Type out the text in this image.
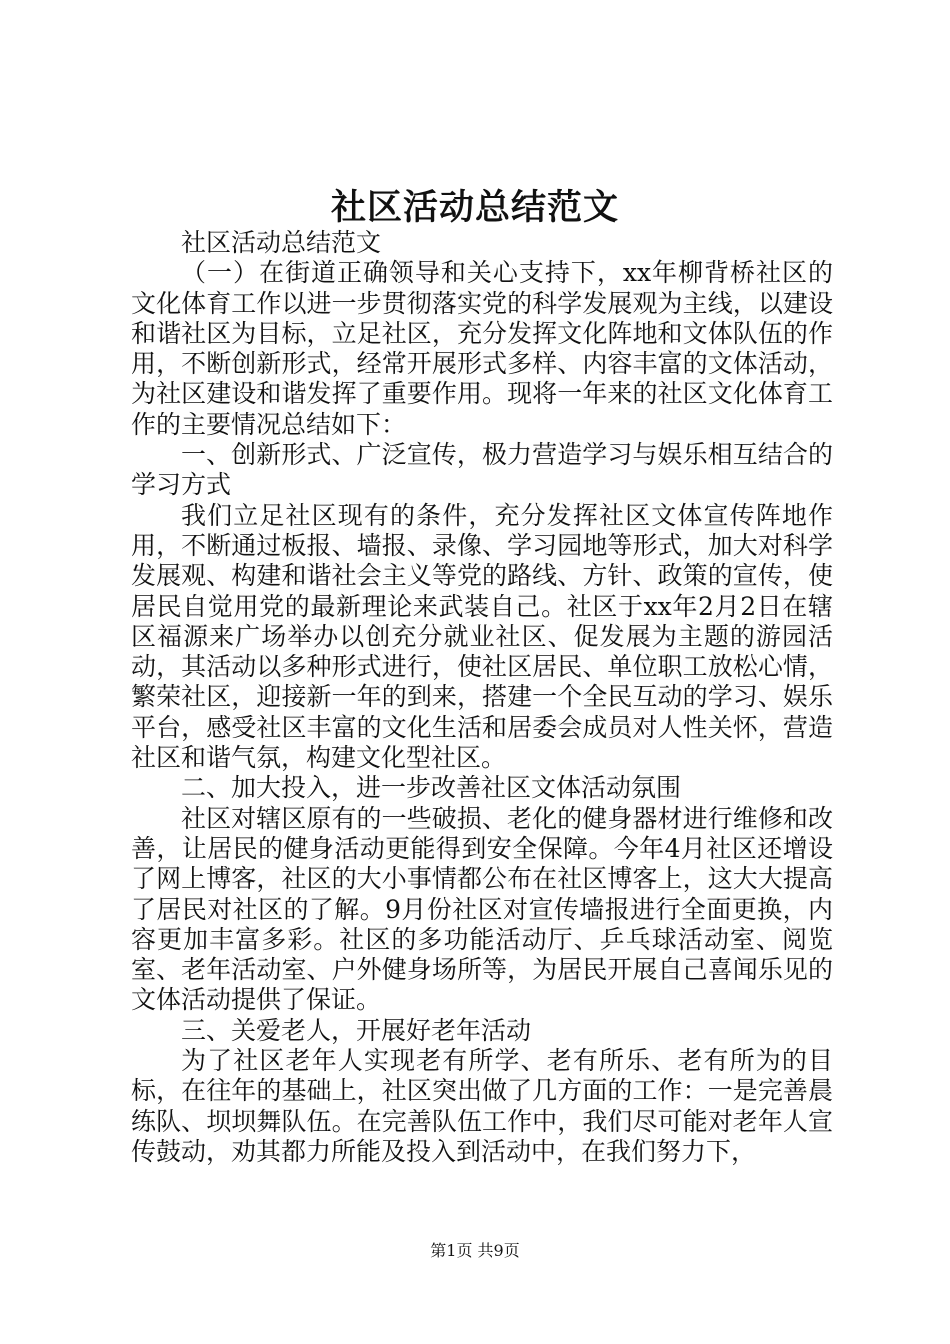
社区活动总结范文

社区活动总结范文

（一）在街道正确领导和关心支持下，xx年柳背桥社区的文化体育工作以进一步贯彻落实党的科学发展观为主线，以建设和谐社区为目标，立足社区，充分发挥文化阵地和文体队伍的作用，不断创新形式，经常开展形式多样、内容丰富的文体活动，为社区建设和谐发挥了重要作用。现将一年来的社区文化体育工作的主要情况总结如下：

一、创新形式、广泛宣传，极力营造学习与娱乐相互结合的学习方式

我们立足社区现有的条件，充分发挥社区文体宣传阵地作用，不断通过板报、墙报、录像、学习园地等形式，加大对科学发展观、构建和谐社会主义等党的路线、方针、政策的宣传，使居民自觉用党的最新理论来武装自己。社区于xx年2月2日在辖区福源来广场举办以创充分就业社区、促发展为主题的游园活动，其活动以多种形式进行，使社区居民、单位职工放松心情，繁荣社区，迎接新一年的到来，搭建一个全民互动的学习、娱乐平台，感受社区丰富的文化生活和居委会成员对人性关怀，营造社区和谐气氛，构建文化型社区。

二、加大投入，进一步改善社区文体活动氛围

社区对辖区原有的一些破损、老化的健身器材进行维修和改善，让居民的健身活动更能得到安全保障。今年4月社区还增设了网上博客，社区的大小事情都公布在社区博客上，这大大提高了居民对社区的了解。9月份社区对宣传墙报进行全面更换，内容更加丰富多彩。社区的多功能活动厅、乒乓球活动室、阅览室、老年活动室、户外健身场所等，为居民开展自己喜闻乐见的文体活动提供了保证。

三、关爱老人，开展好老年活动

为了社区老年人实现老有所学、老有所乐、老有所为的目标，在往年的基础上，社区突出做了几方面的工作：一是完善晨练队、坝坝舞队伍。在完善队伍工作中，我们尽可能对老年人宣传鼓动，劝其都力所能及投入到活动中，在我们努力下，

第1页 共9页
